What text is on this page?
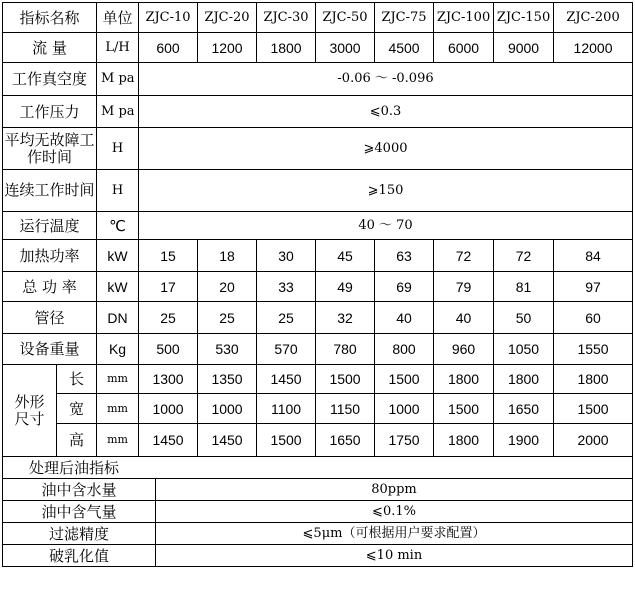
指标名称		单位	ZJC-10	ZJC-20	ZJC-30	ZJC-50	ZJC-75	ZJC-100	ZJC-150	ZJC-200
流 量		L/H	600	1200	1800	3000	4500	6000	9000	12000
工作真空度		M pa	-0.06 ～ -0.096							
工作压力		M pa	⩽0.3							
平均无故障工作时间		H	⩾4000							
连续工作时间		H	⩾150							
运行温度		℃	40 ～ 70							
加热功率		kW	15	18	30	45	63	72	72	84
总 功 率		kW	17	20	33	49	69	79	81	97
管径		DN	25	25	25	32	40	40	50	60
设备重量		Kg	500	530	570	780	800	960	1050	1550
外形尺寸	长	mm	1300	1350	1450	1500	1500	1800	1800	1800
	宽	mm	1000	1000	1100	1150	1000	1500	1650	1500
	高	mm	1450	1450	1500	1650	1750	1800	1900	2000
处理后油指标	
油中含水量	80ppm
油中含气量	⩽0.1%
过滤精度	⩽5μm（可根据用户要求配置）
破乳化值	⩽10 min
